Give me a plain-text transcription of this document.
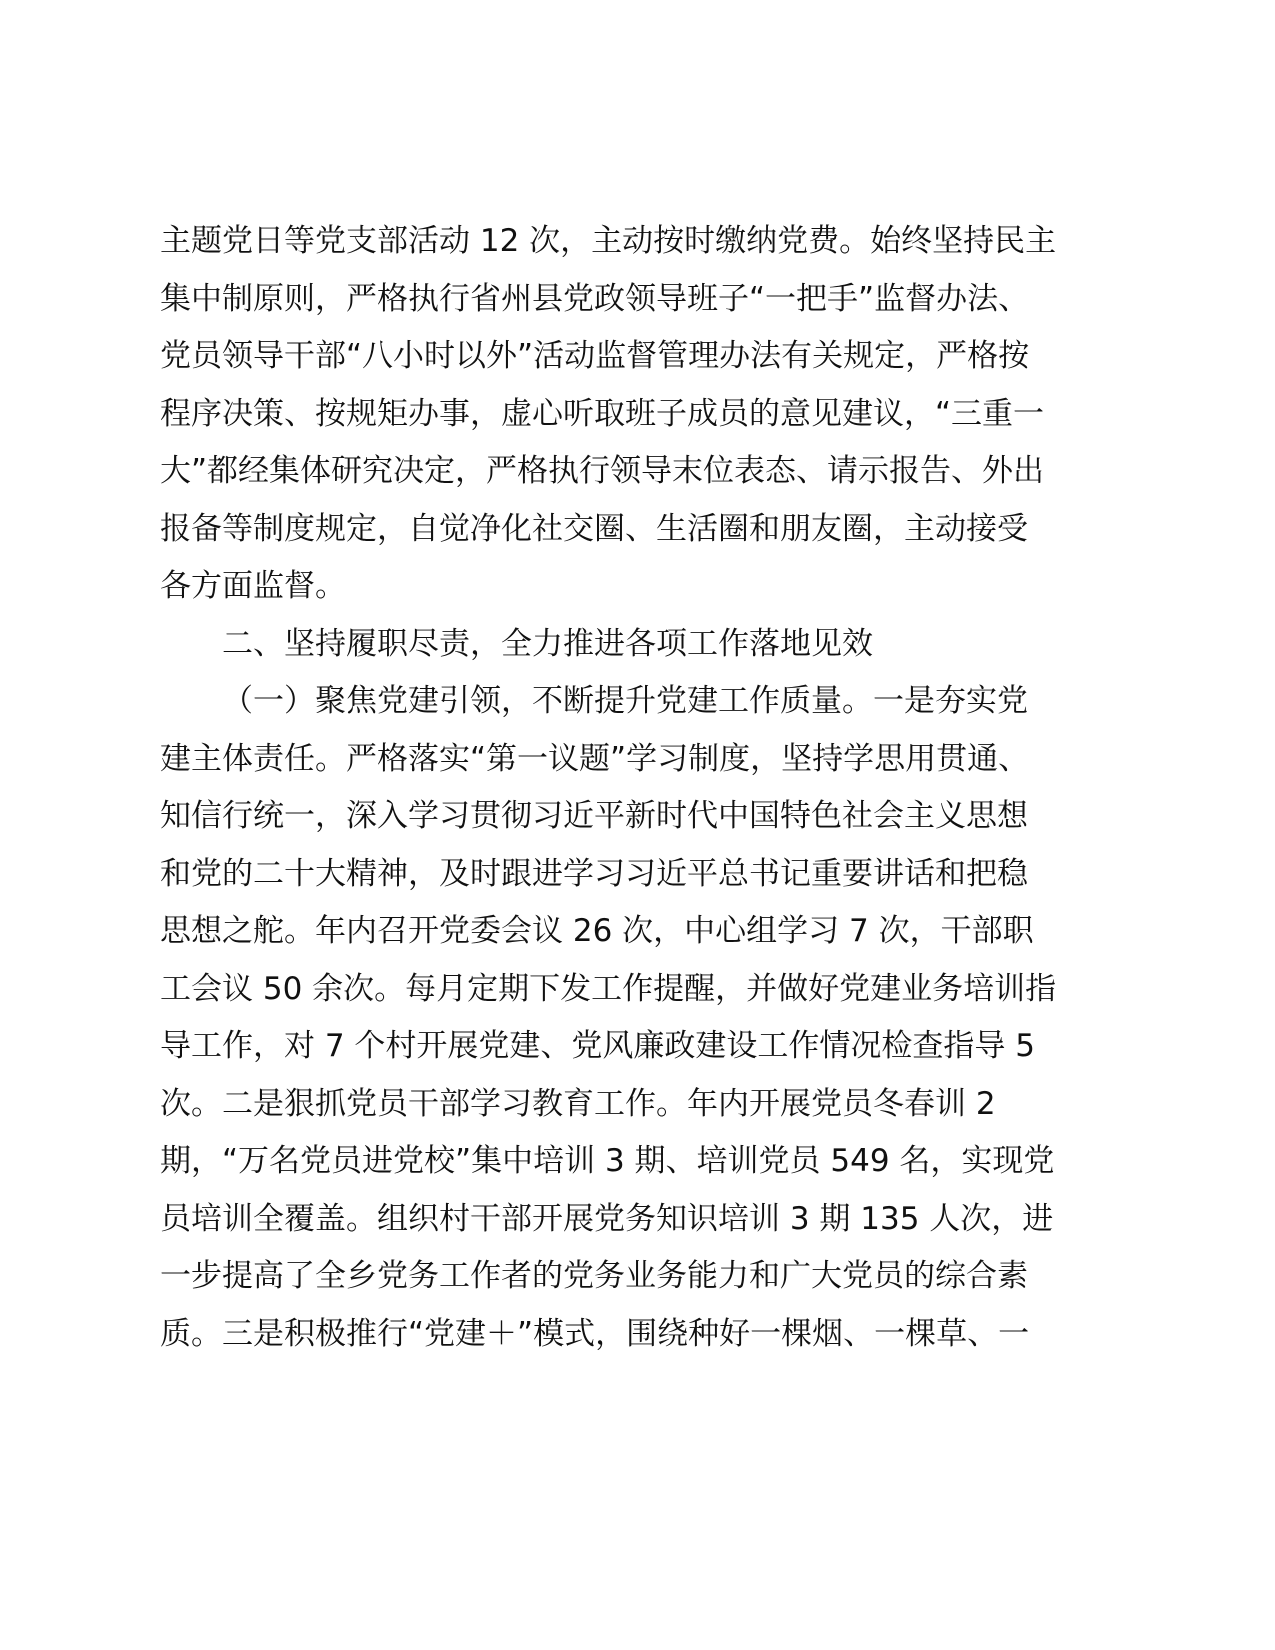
主题党日等党支部活动 12 次，主动按时缴纳党费。始终坚持民主
集中制原则，严格执行省州县党政领导班子“一把手”监督办法、
党员领导干部“八小时以外”活动监督管理办法有关规定，严格按
程序决策、按规矩办事，虚心听取班子成员的意见建议，“三重一
大”都经集体研究决定，严格执行领导末位表态、请示报告、外出
报备等制度规定，自觉净化社交圈、生活圈和朋友圈，主动接受
各方面监督。
二、坚持履职尽责，全力推进各项工作落地见效
（一）聚焦党建引领，不断提升党建工作质量。一是夯实党
建主体责任。严格落实“第一议题”学习制度，坚持学思用贯通、
知信行统一，深入学习贯彻习近平新时代中国特色社会主义思想
和党的二十大精神，及时跟进学习习近平总书记重要讲话和把稳
思想之舵。年内召开党委会议 26 次，中心组学习 7 次，干部职
工会议 50 余次。每月定期下发工作提醒，并做好党建业务培训指
导工作，对 7 个村开展党建、党风廉政建设工作情况检查指导 5
次。二是狠抓党员干部学习教育工作。年内开展党员冬春训 2
期，“万名党员进党校”集中培训 3 期、培训党员 549 名，实现党
员培训全覆盖。组织村干部开展党务知识培训 3 期 135 人次，进
一步提高了全乡党务工作者的党务业务能力和广大党员的综合素
质。三是积极推行“党建＋”模式，围绕种好一棵烟、一棵草、一
